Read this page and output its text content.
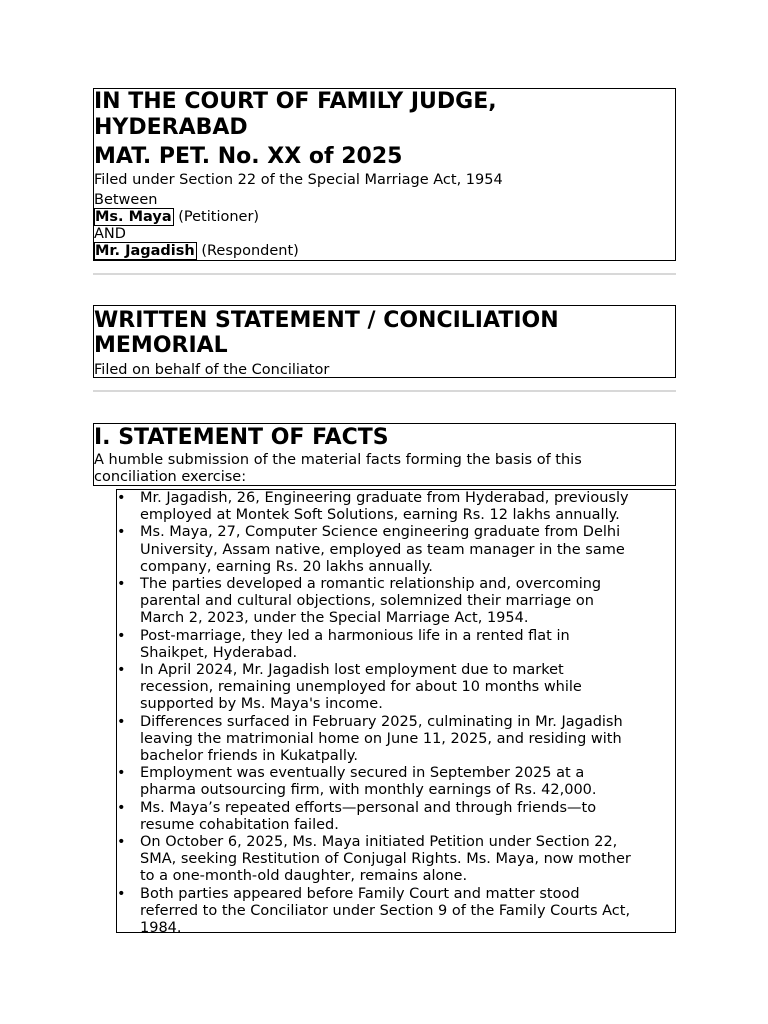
IN THE COURT OF FAMILY JUDGE,

HYDERABAD

MAT. PET. No. XX of 2025

Filed under Section 22 of the Special Marriage Act, 1954

Between

Ms. Maya (Petitioner)

AND

Mr. Jagadish (Respondent)

WRITTEN STATEMENT / CONCILIATION

MEMORIAL

Filed on behalf of the Conciliator

I. STATEMENT OF FACTS

A humble submission of the material facts forming the basis of this

conciliation exercise:

• Mr. Jagadish, 26, Engineering graduate from Hyderabad, previously
employed at Montek Soft Solutions, earning Rs. 12 lakhs annually.
• Ms. Maya, 27, Computer Science engineering graduate from Delhi
University, Assam native, employed as team manager in the same
company, earning Rs. 20 lakhs annually.
• The parties developed a romantic relationship and, overcoming
parental and cultural objections, solemnized their marriage on
March 2, 2023, under the Special Marriage Act, 1954.
• Post-marriage, they led a harmonious life in a rented flat in
Shaikpet, Hyderabad.
• In April 2024, Mr. Jagadish lost employment due to market
recession, remaining unemployed for about 10 months while
supported by Ms. Maya's income.
• Differences surfaced in February 2025, culminating in Mr. Jagadish
leaving the matrimonial home on June 11, 2025, and residing with
bachelor friends in Kukatpally.
• Employment was eventually secured in September 2025 at a
pharma outsourcing firm, with monthly earnings of Rs. 42,000.
• Ms. Maya’s repeated efforts—personal and through friends—to
resume cohabitation failed.
• On October 6, 2025, Ms. Maya initiated Petition under Section 22,
SMA, seeking Restitution of Conjugal Rights. Ms. Maya, now mother
to a one-month-old daughter, remains alone.
• Both parties appeared before Family Court and matter stood
referred to the Conciliator under Section 9 of the Family Courts Act,
1984.
